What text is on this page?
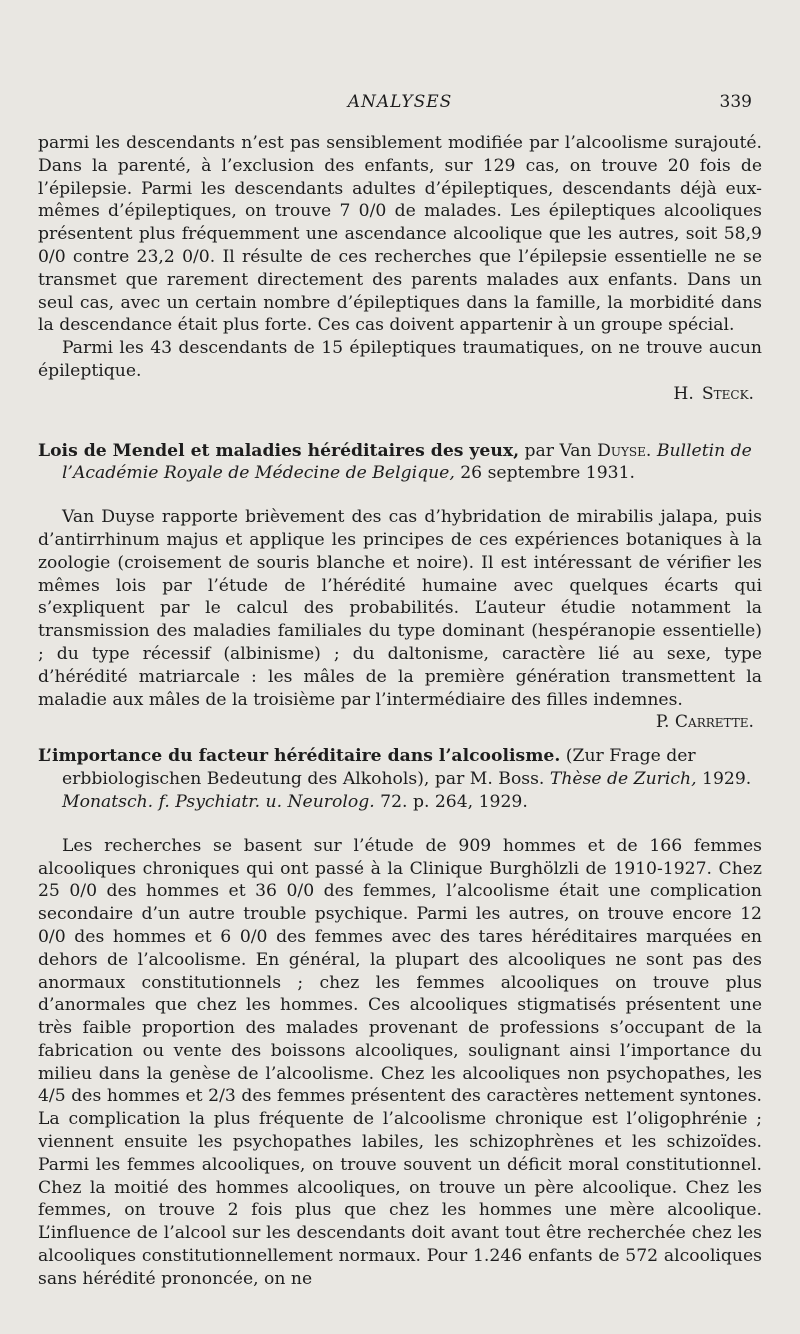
ANALYSES	339

parmi les descendants n’est pas sensiblement modifiée par l’alcoolisme surajouté. Dans la parenté, à l’exclusion des enfants, sur 129 cas, on trouve 20 fois de l’épilepsie. Parmi les descendants adultes d’épileptiques, descendants déjà eux-mêmes d’épileptiques, on trouve 7 0/0 de malades. Les épileptiques alcooliques présentent plus fréquemment une ascendance alcoolique que les autres, soit 58,9 0/0 contre 23,2 0/0. Il résulte de ces recherches que l’épilepsie essentielle ne se transmet que rarement directement des parents malades aux enfants. Dans un seul cas, avec un certain nombre d’épileptiques dans la famille, la morbidité dans la descendance était plus forte. Ces cas doivent appartenir à un groupe spécial.

Parmi les 43 descendants de 15 épileptiques traumatiques, on ne trouve aucun épileptique.

H. Steck.
Lois de Mendel et maladies héréditaires des yeux, par Van Duyse. Bulletin de l’Académie Royale de Médecine de Belgique, 26 septembre 1931.

Van Duyse rapporte brièvement des cas d’hybridation de mirabilis jalapa, puis d’antirrhinum majus et applique les principes de ces expériences botaniques à la zoologie (croisement de souris blanche et noire). Il est intéressant de vérifier les mêmes lois par l’étude de l’hérédité humaine avec quelques écarts qui s’expliquent par le calcul des probabilités. L’auteur étudie notamment la transmission des maladies familiales du type dominant (hespéranopie essentielle) ; du type récessif (albinisme) ; du daltonisme, caractère lié au sexe, type d’hérédité matriarcale : les mâles de la première génération transmettent la maladie aux mâles de la troisième par l’intermédiaire des filles indemnes.
P. Carrette.

L’importance du facteur héréditaire dans l’alcoolisme. (Zur Frage der erbbiologischen Bedeutung des Alkohols), par M. Boss. Thèse de Zurich, 1929. Monatsch. f. Psychiatr. u. Neurolog. 72. p. 264, 1929.

Les recherches se basent sur l’étude de 909 hommes et de 166 femmes alcooliques chroniques qui ont passé à la Clinique Burghölzli de 1910-1927. Chez 25 0/0 des hommes et 36 0/0 des femmes, l’alcoolisme était une complication secondaire d’un autre trouble psychique. Parmi les autres, on trouve encore 12 0/0 des hommes et 6 0/0 des femmes avec des tares héréditaires marquées en dehors de l’alcoolisme. En général, la plupart des alcooliques ne sont pas des anormaux constitutionnels ; chez les femmes alcooliques on trouve plus d’anormales que chez les hommes. Ces alcooliques stigmatisés présentent une très faible proportion des malades provenant de professions s’occupant de la fabrication ou vente des boissons alcooliques, soulignant ainsi l’importance du milieu dans la genèse de l’alcoolisme. Chez les alcooliques non psychopathes, les 4/5 des hommes et 2/3 des femmes présentent des caractères nettement syntones. La complication la plus fréquente de l’alcoolisme chronique est l’oligophrénie ; viennent ensuite les psychopathes labiles, les schizophrènes et les schizoïdes. Parmi les femmes alcooliques, on trouve souvent un déficit moral constitutionnel. Chez la moitié des hommes alcooliques, on trouve un père alcoolique. Chez les femmes, on trouve 2 fois plus que chez les hommes une mère alcoolique. L’influence de l’alcool sur les descendants doit avant tout être recherchée chez les alcooliques constitutionnellement normaux. Pour 1.246 enfants de 572 alcooliques sans hérédité prononcée, on ne
